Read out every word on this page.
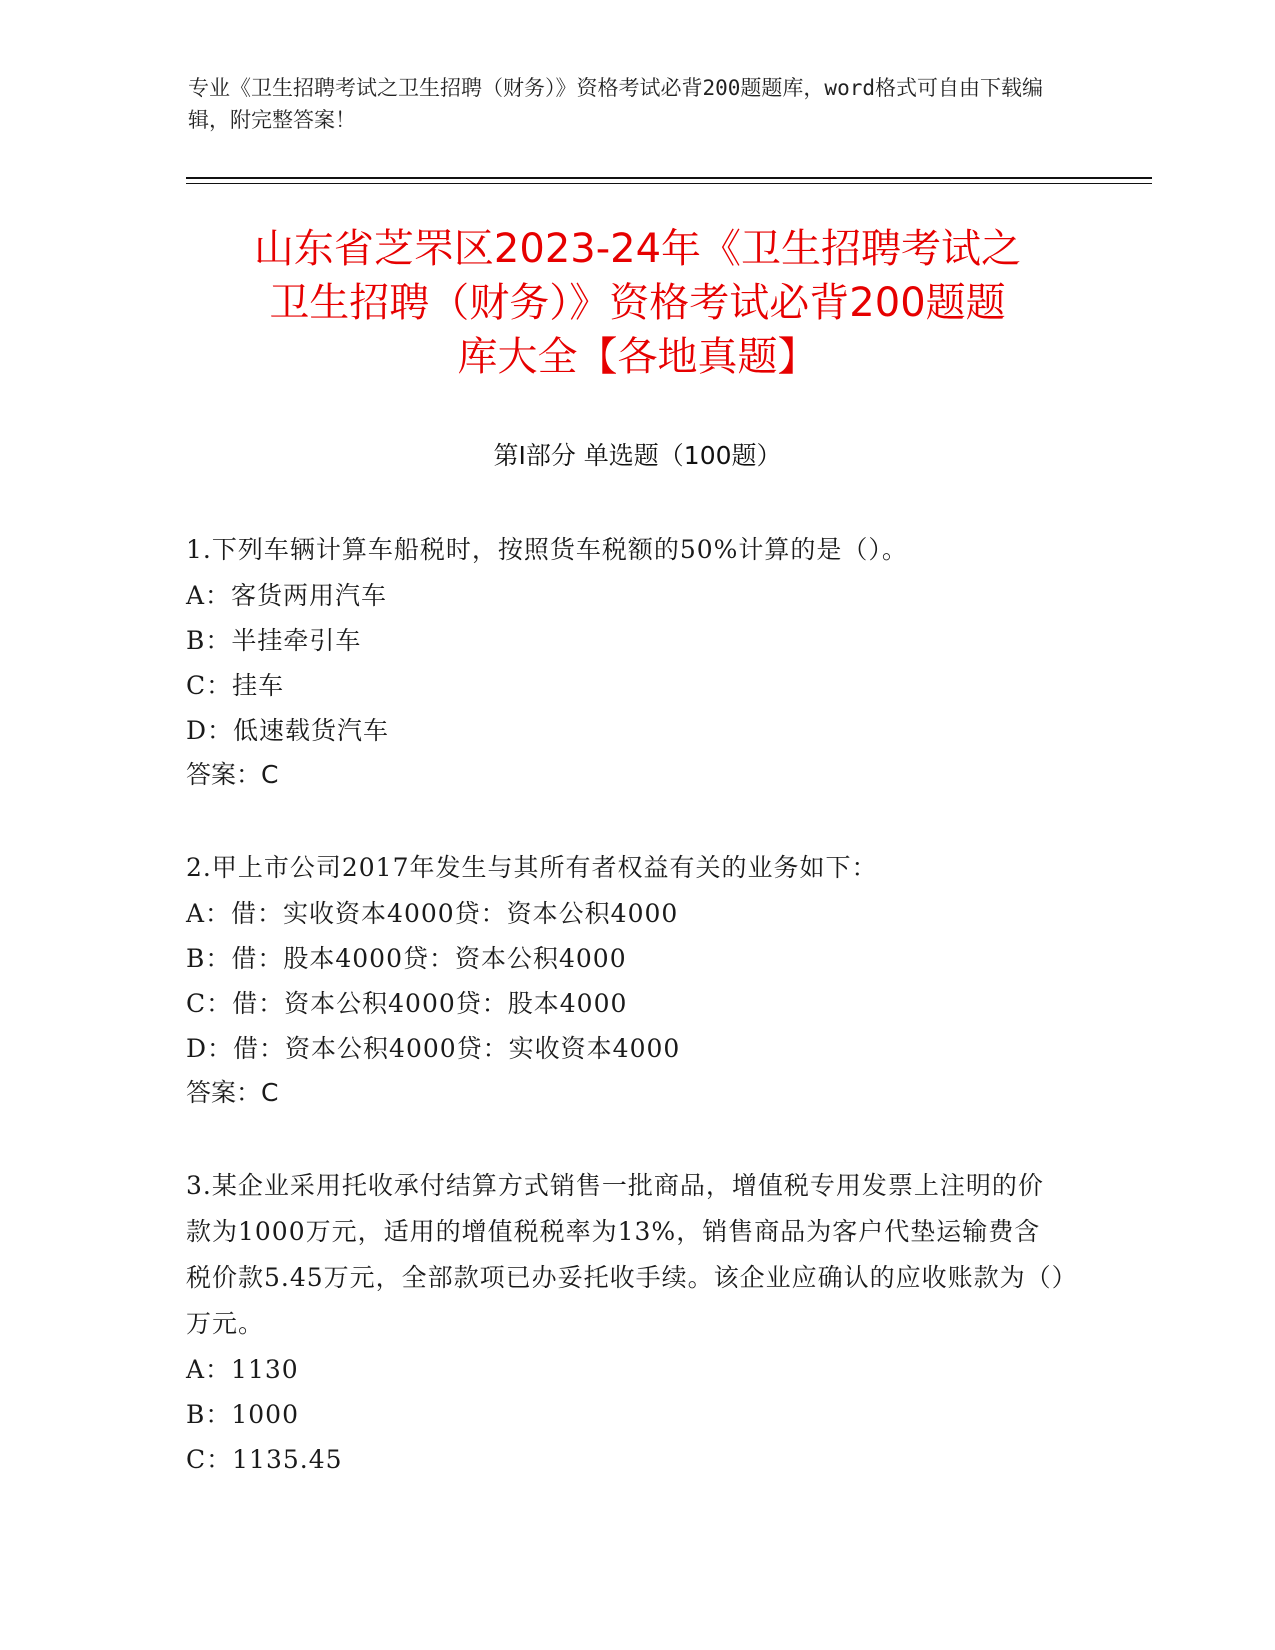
专业《卫生招聘考试之卫生招聘（财务）》资格考试必背200题题库，word格式可自由下载编辑，附完整答案！
山东省芝罘区2023-24年《卫生招聘考试之
卫生招聘（财务）》资格考试必背200题题
库大全【各地真题】
第Ⅰ部分 单选题（100题）
1.下列车辆计算车船税时，按照货车税额的50%计算的是（）。
A：客货两用汽车
B：半挂牵引车
C：挂车
D：低速载货汽车
答案：C
2.甲上市公司2017年发生与其所有者权益有关的业务如下：
A：借：实收资本4000贷：资本公积4000
B：借：股本4000贷：资本公积4000
C：借：资本公积4000贷：股本4000
D：借：资本公积4000贷：实收资本4000
答案：C
3.某企业采用托收承付结算方式销售一批商品，增值税专用发票上注明的价款为1000万元，适用的增值税税率为13%，销售商品为客户代垫运输费含税价款5.45万元，全部款项已办妥托收手续。该企业应确认的应收账款为（）万元。
A：1130
B：1000
C：1135.45
